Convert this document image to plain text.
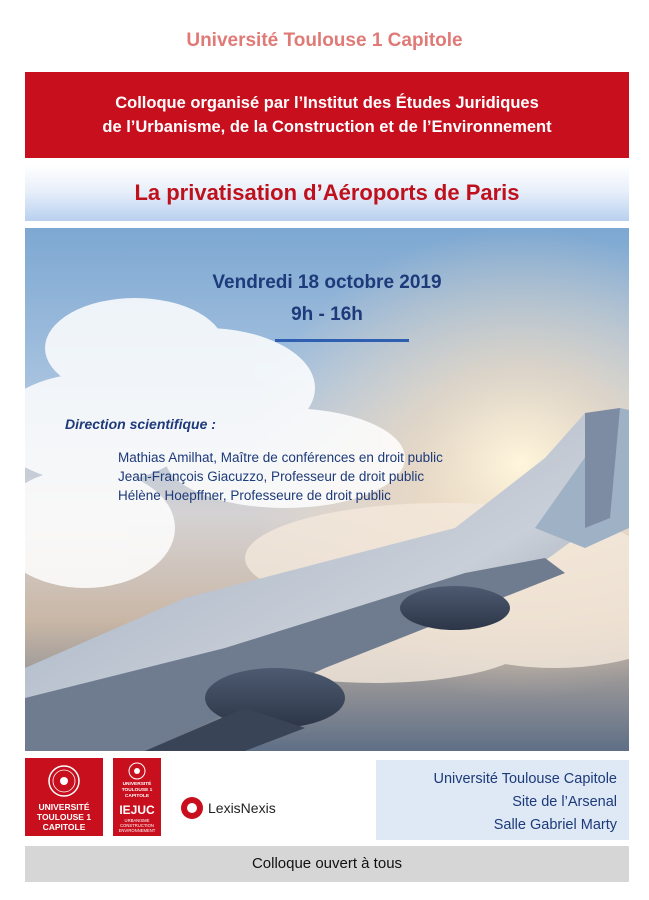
Université Toulouse 1 Capitole
Colloque organisé par l’Institut des Études Juridiques
de l’Urbanisme, de la Construction et de l’Environnement
La privatisation d’Aéroports de Paris
Vendredi 18 octobre 2019
9h - 16h
Direction scientifique :
Mathias Amilhat, Maître de conférences en droit public
Jean-François Giacuzzo, Professeur de droit public
Hélène Hoepffner, Professeure de droit public
UNIVERSITÉ
TOULOUSE 1
CAPITOLE
UNIVERSITÉ
TOULOUSE 1
CAPITOLE
IEJUC
URBANISME
CONSTRUCTION
ENVIRONNEMENT
LexisNexis
Université Toulouse Capitole
Site de l’Arsenal
Salle Gabriel Marty
Colloque ouvert à tous
